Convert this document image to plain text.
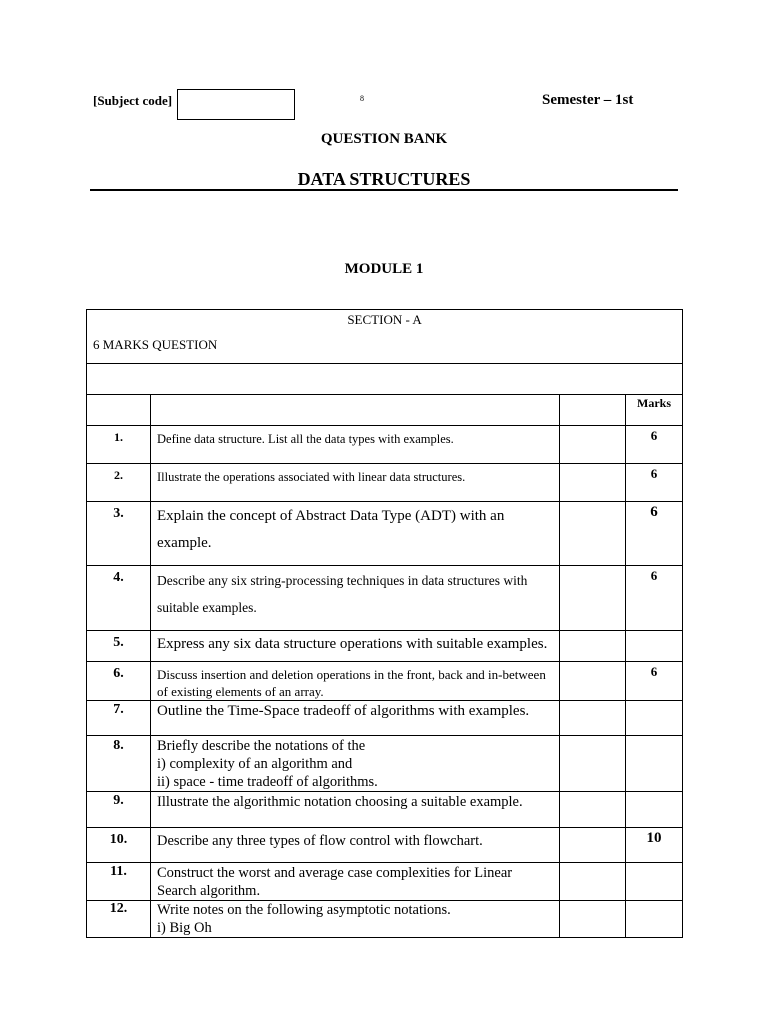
[Subject code]	8	Semester – 1st
QUESTION BANK
DATA STRUCTURES
MODULE 1
SECTION - A
6 MARKS QUESTION			

			Marks
1.	Define data structure. List all the data types with examples.		6
2.	Illustrate the operations associated with linear data structures.		6
3.	Explain the concept of Abstract Data Type (ADT) with an example.		6
4.	Describe any six string-processing techniques in data structures with suitable examples.		6
5.	Express any six data structure operations with suitable examples.		
6.	Discuss insertion and deletion operations in the front, back and in-between of existing elements of an array.		6
7.	Outline the Time-Space tradeoff of algorithms with examples.		
8.	Briefly describe the notations of the
i) complexity of an algorithm and
ii) space - time tradeoff of algorithms.		

9.	Illustrate the algorithmic notation choosing a suitable example.		
10.	Describe any three types of flow control with flowchart.		10
11.	Construct the worst and average case complexities for Linear Search algorithm.		
12.	Write notes on the following asymptotic notations.
i) Big Oh		
